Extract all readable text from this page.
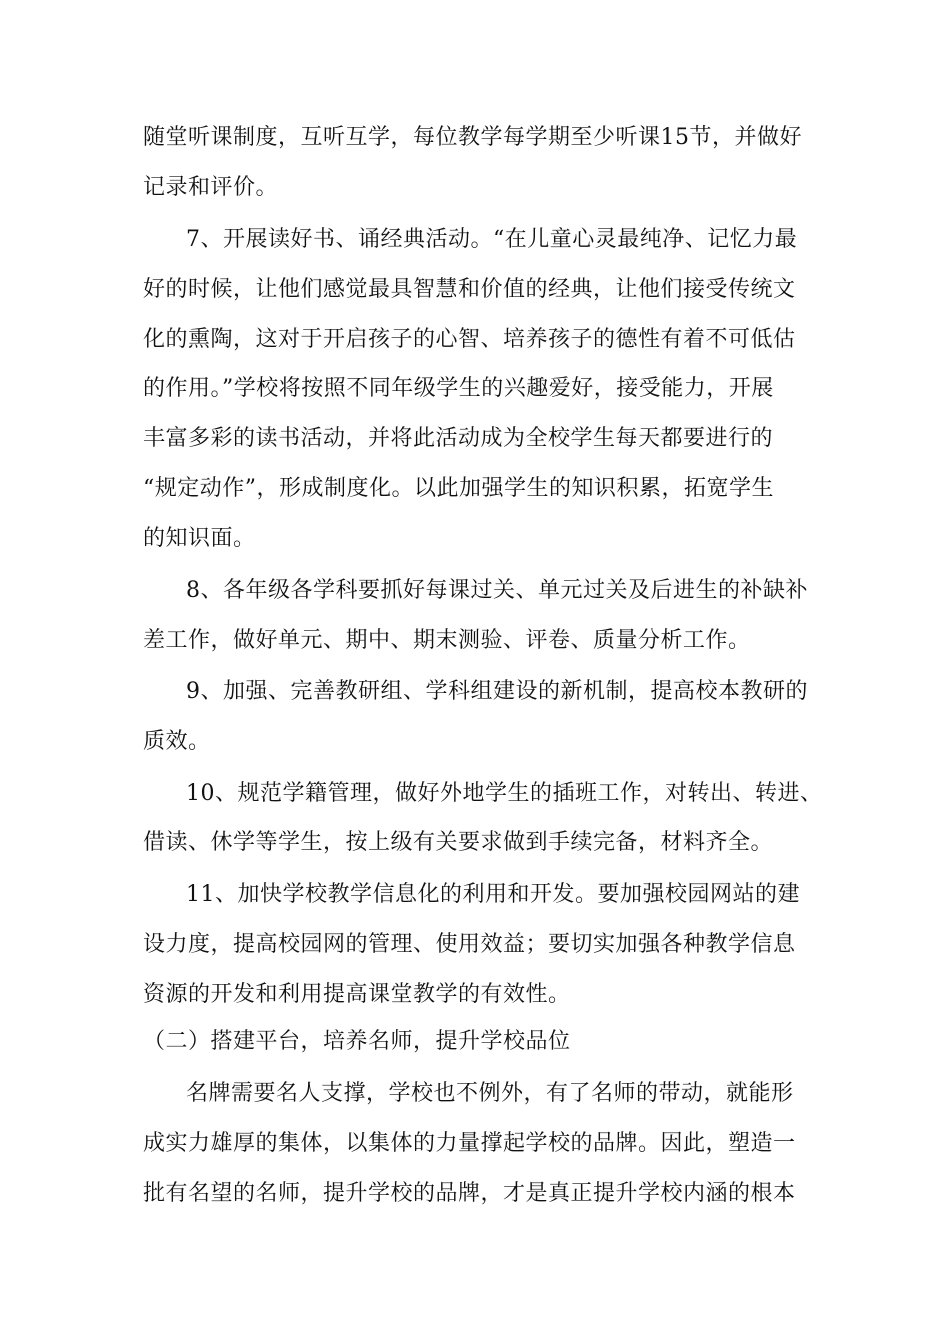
随堂听课制度，互听互学，每位教学每学期至少听课15节，并做好
记录和评价。
7、开展读好书、诵经典活动。“在儿童心灵最纯净、记忆力最
好的时候，让他们感觉最具智慧和价值的经典，让他们接受传统文
化的熏陶，这对于开启孩子的心智、培养孩子的德性有着不可低估
的作用。”学校将按照不同年级学生的兴趣爱好，接受能力，开展
丰富多彩的读书活动，并将此活动成为全校学生每天都要进行的
“规定动作”，形成制度化。以此加强学生的知识积累，拓宽学生
的知识面。
8、各年级各学科要抓好每课过关、单元过关及后进生的补缺补
差工作，做好单元、期中、期末测验、评卷、质量分析工作。
9、加强、完善教研组、学科组建设的新机制，提高校本教研的
质效。
10、规范学籍管理，做好外地学生的插班工作，对转出、转进、
借读、休学等学生，按上级有关要求做到手续完备，材料齐全。
11、加快学校教学信息化的利用和开发。要加强校园网站的建
设力度，提高校园网的管理、使用效益；要切实加强各种教学信息
资源的开发和利用提高课堂教学的有效性。
（二）搭建平台，培养名师，提升学校品位
名牌需要名人支撑，学校也不例外，有了名师的带动，就能形
成实力雄厚的集体，以集体的力量撑起学校的品牌。因此，塑造一
批有名望的名师，提升学校的品牌，才是真正提升学校内涵的根本
